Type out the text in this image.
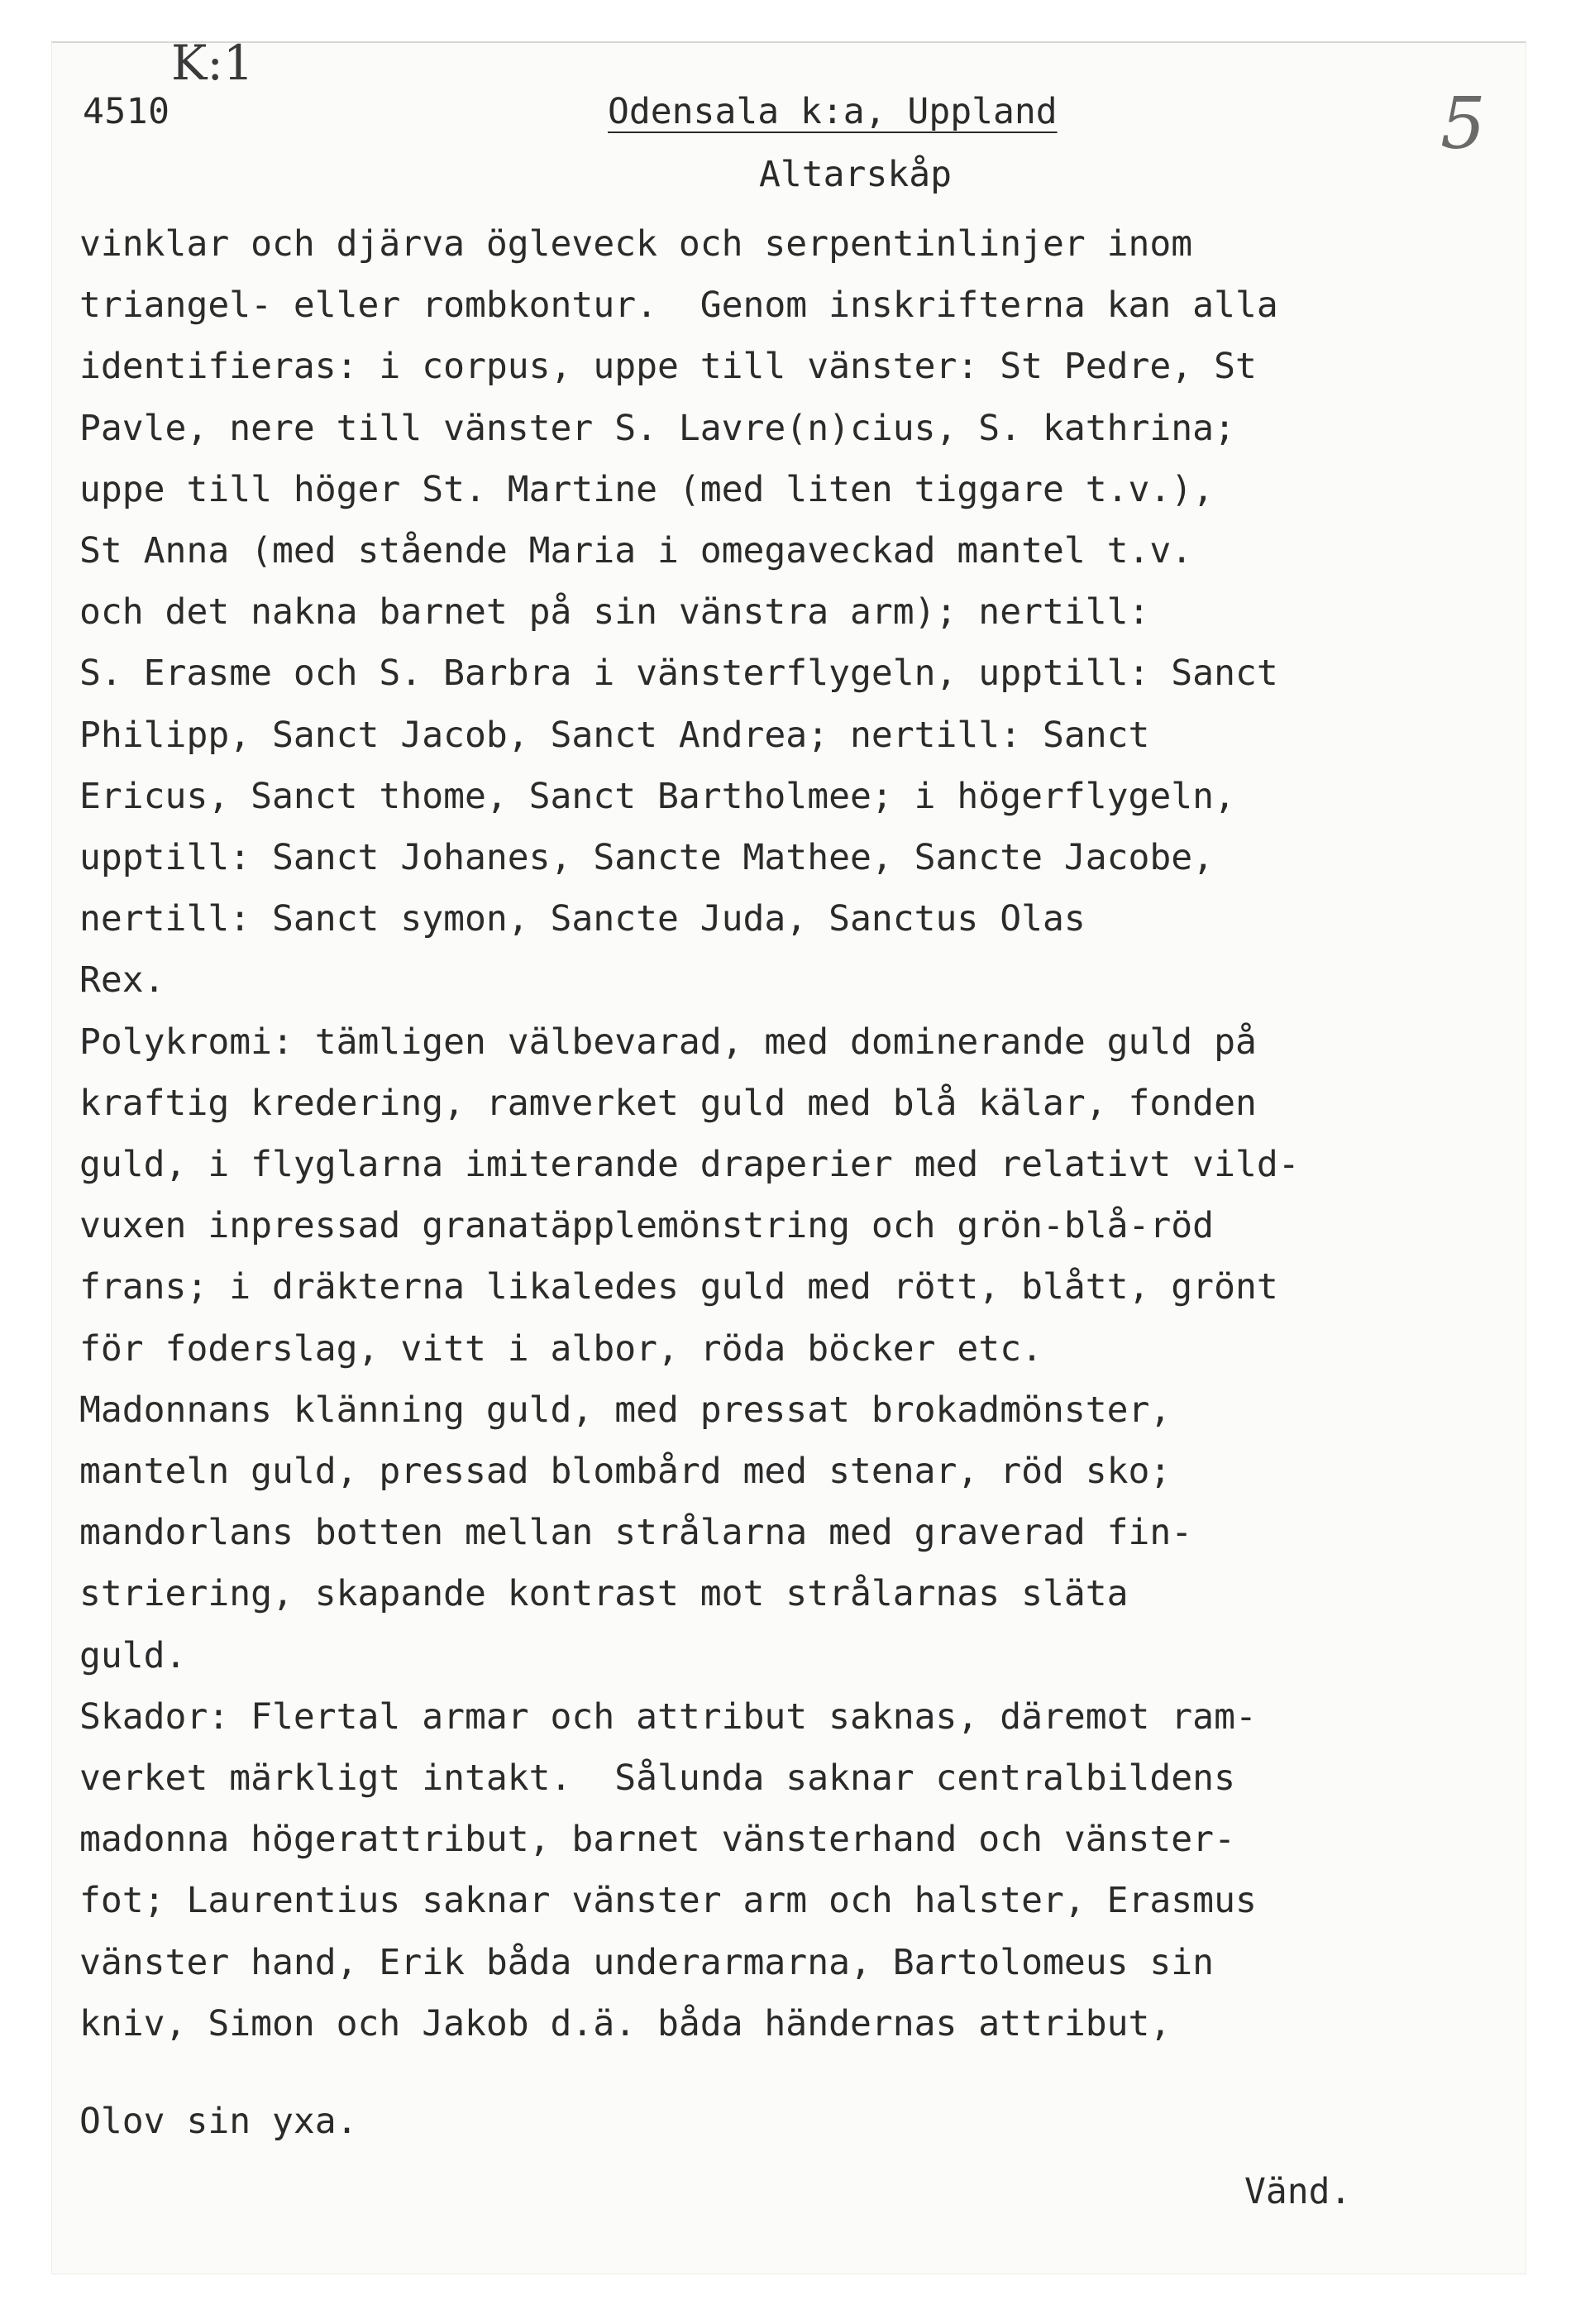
K:1
5
4510	Odensala k:a, Uppland
Altarskåp
vinklar och djärva ögleveck och serpentinlinjer inom
triangel- eller rombkontur.  Genom inskrifterna kan alla
identifieras: i corpus, uppe till vänster: St Pedre, St
Pavle, nere till vänster S. Lavre(n)cius, S. kathrina;
uppe till höger St. Martine (med liten tiggare t.v.),
St Anna (med stående Maria i omegaveckad mantel t.v.
och det nakna barnet på sin vänstra arm); nertill:
S. Erasme och S. Barbra i vänsterflygeln, upptill: Sanct
Philipp, Sanct Jacob, Sanct Andrea; nertill: Sanct
Ericus, Sanct thome, Sanct Bartholmee; i högerflygeln,
upptill: Sanct Johanes, Sancte Mathee, Sancte Jacobe,
nertill: Sanct symon, Sancte Juda, Sanctus Olas
Rex.
Polykromi: tämligen välbevarad, med dominerande guld på
kraftig kredering, ramverket guld med blå kälar, fonden
guld, i flyglarna imiterande draperier med relativt vild-
vuxen inpressad granatäpplemönstring och grön-blå-röd
frans; i dräkterna likaledes guld med rött, blått, grönt
för foderslag, vitt i albor, röda böcker etc.
Madonnans klänning guld, med pressat brokadmönster,
manteln guld, pressad blombård med stenar, röd sko;
mandorlans botten mellan strålarna med graverad fin-
striering, skapande kontrast mot strålarnas släta
guld.
Skador: Flertal armar och attribut saknas, däremot ram-
verket märkligt intakt.  Sålunda saknar centralbildens
madonna högerattribut, barnet vänsterhand och vänster-
fot; Laurentius saknar vänster arm och halster, Erasmus
vänster hand, Erik båda underarmarna, Bartolomeus sin
kniv, Simon och Jakob d.ä. båda händernas attribut,
Olov sin yxa.
Vänd.
